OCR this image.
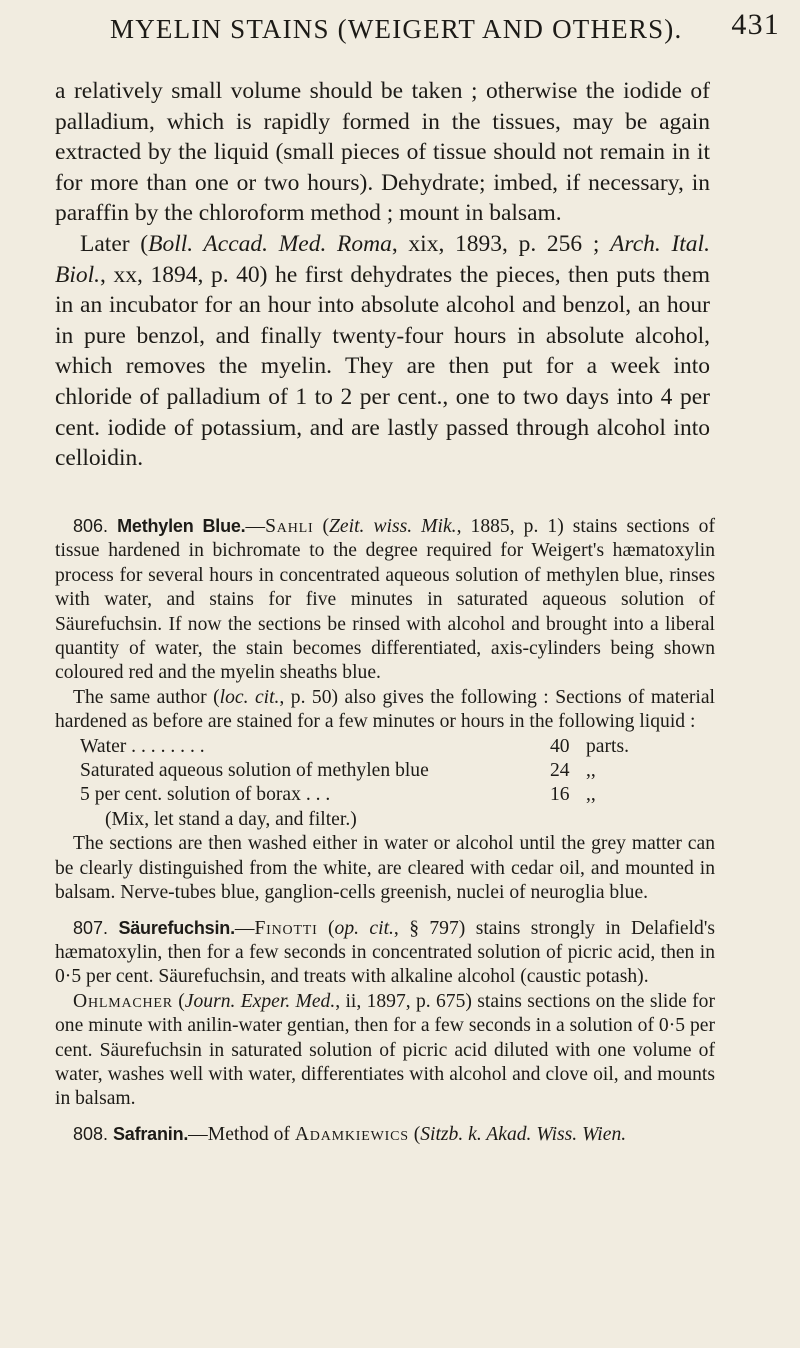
MYELIN STAINS (WEIGERT AND OTHERS). 431

a relatively small volume should be taken ; otherwise the iodide of palladium, which is rapidly formed in the tissues, may be again extracted by the liquid (small pieces of tissue should not remain in it for more than one or two hours). Dehydrate; imbed, if necessary, in paraffin by the chloroform method ; mount in balsam.

Later (Boll. Accad. Med. Roma, xix, 1893, p. 256 ; Arch. Ital. Biol., xx, 1894, p. 40) he first dehydrates the pieces, then puts them in an incubator for an hour into absolute alcohol and benzol, an hour in pure benzol, and finally twenty-four hours in absolute alcohol, which removes the myelin. They are then put for a week into chloride of palladium of 1 to 2 per cent., one to two days into 4 per cent. iodide of potassium, and are lastly passed through alcohol into celloidin.

806. Methylen Blue.—Sahli (Zeit. wiss. Mik., 1885, p. 1) stains sections of tissue hardened in bichromate to the degree required for Weigert's hæmatoxylin process for several hours in concentrated aqueous solution of methylen blue, rinses with water, and stains for five minutes in saturated aqueous solution of Säurefuchsin. If now the sections be rinsed with alcohol and brought into a liberal quantity of water, the stain becomes differentiated, axis-cylinders being shown coloured red and the myelin sheaths blue.

The same author (loc. cit., p. 50) also gives the following : Sections of material hardened as before are stained for a few minutes or hours in the following liquid :

Water . . . . . . . .	40 parts.
Saturated aqueous solution of methylen blue	24 ,,
5 per cent. solution of borax . . .	16 ,,
(Mix, let stand a day, and filter.)

The sections are then washed either in water or alcohol until the grey matter can be clearly distinguished from the white, are cleared with cedar oil, and mounted in balsam. Nerve-tubes blue, ganglion-cells greenish, nuclei of neuroglia blue.

807. Säurefuchsin.—Finotti (op. cit., § 797) stains strongly in Delafield's hæmatoxylin, then for a few seconds in concentrated solution of picric acid, then in 0·5 per cent. Säurefuchsin, and treats with alkaline alcohol (caustic potash).

Ohlmacher (Journ. Exper. Med., ii, 1897, p. 675) stains sections on the slide for one minute with anilin-water gentian, then for a few seconds in a solution of 0·5 per cent. Säurefuchsin in saturated solution of picric acid diluted with one volume of water, washes well with water, differentiates with alcohol and clove oil, and mounts in balsam.

808. Safranin.—Method of Adamkiewics (Sitzb. k. Akad. Wiss. Wien.
